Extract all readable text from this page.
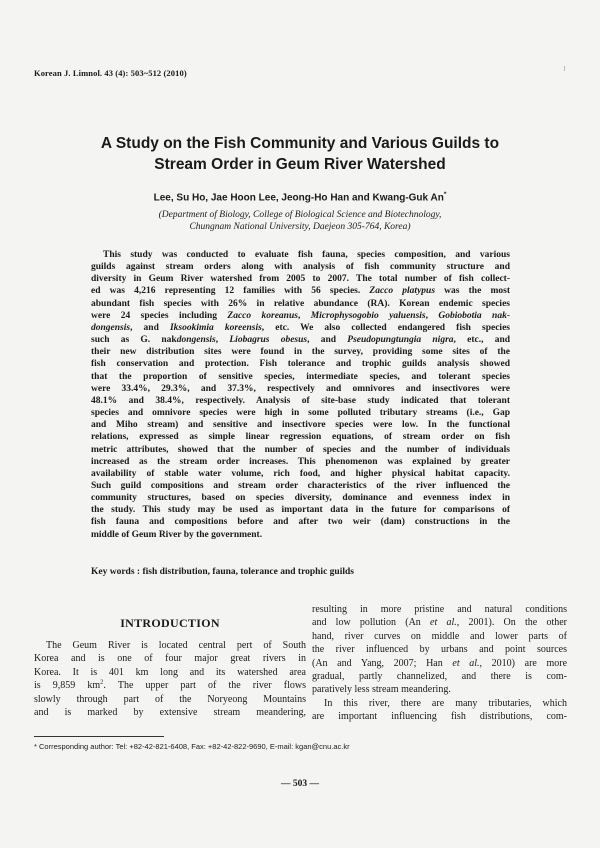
Korean J. Limnol. 43 (4): 503~512 (2010)
A Study on the Fish Community and Various Guilds to
Stream Order in Geum River Watershed
Lee, Su Ho, Jae Hoon Lee, Jeong-Ho Han and Kwang-Guk An*
(Department of Biology, College of Biological Science and Biotechnology,
Chungnam National University, Daejeon 305-764, Korea)
This study was conducted to evaluate fish fauna, species composition, and various
guilds against stream orders along with analysis of fish community structure and
diversity in Geum River watershed from 2005 to 2007. The total number of fish collect-
ed was 4,216 representing 12 families with 56 species. Zacco platypus was the most
abundant fish species with 26% in relative abundance (RA). Korean endemic species
were 24 species including Zacco koreanus, Microphysogobio yaluensis, Gobiobotia nak-
dongensis, and Iksookimia koreensis, etc. We also collected endangered fish species
such as G. nakdongensis, Liobagrus obesus, and Pseudopungtungia nigra, etc., and
their new distribution sites were found in the survey, providing some sites of the
fish conservation and protection. Fish tolerance and trophic guilds analysis showed
that the proportion of sensitive species, intermediate species, and tolerant species
were 33.4%, 29.3%, and 37.3%, respectively and omnivores and insectivores were
48.1% and 38.4%, respectively. Analysis of site-base study indicated that tolerant
species and omnivore species were high in some polluted tributary streams (i.e., Gap
and Miho stream) and sensitive and insectivore species were low. In the functional
relations, expressed as simple linear regression equations, of stream order on fish
metric attributes, showed that the number of species and the number of individuals
increased as the stream order increases. This phenomenon was explained by greater
availability of stable water volume, rich food, and higher physical habitat capacity.
Such guild compositions and stream order characteristics of the river influenced the
community structures, based on species diversity, dominance and evenness index in
the study. This study may be used as important data in the future for comparisons of
fish fauna and compositions before and after two weir (dam) constructions in the
middle of Geum River by the government.
Key words : fish distribution, fauna, tolerance and trophic guilds
INTRODUCTION
The Geum River is located central pert of South
Korea and is one of four major great rivers in
Korea. It is 401 km long and its watershed area
is 9,859 $km^2$. The upper part of the river flows
slowly through part of the Noryeong Mountains
and is marked by extensive stream meandering,
resulting in more pristine and natural conditions
and low pollution (An et al., 2001). On the other
hand, river curves on middle and lower parts of
the river influenced by urbans and point sources
(An and Yang, 2007; Han et al., 2010) are more
gradual, partly channelized, and there is com-
paratively less stream meandering.
In this river, there are many tributaries, which
are important influencing fish distributions, com-
* Corresponding author: Tel: +82-42-821-6408, Fax: +82-42-822-9690, E-mail: kgan@cnu.ac.kr
— 503 —
